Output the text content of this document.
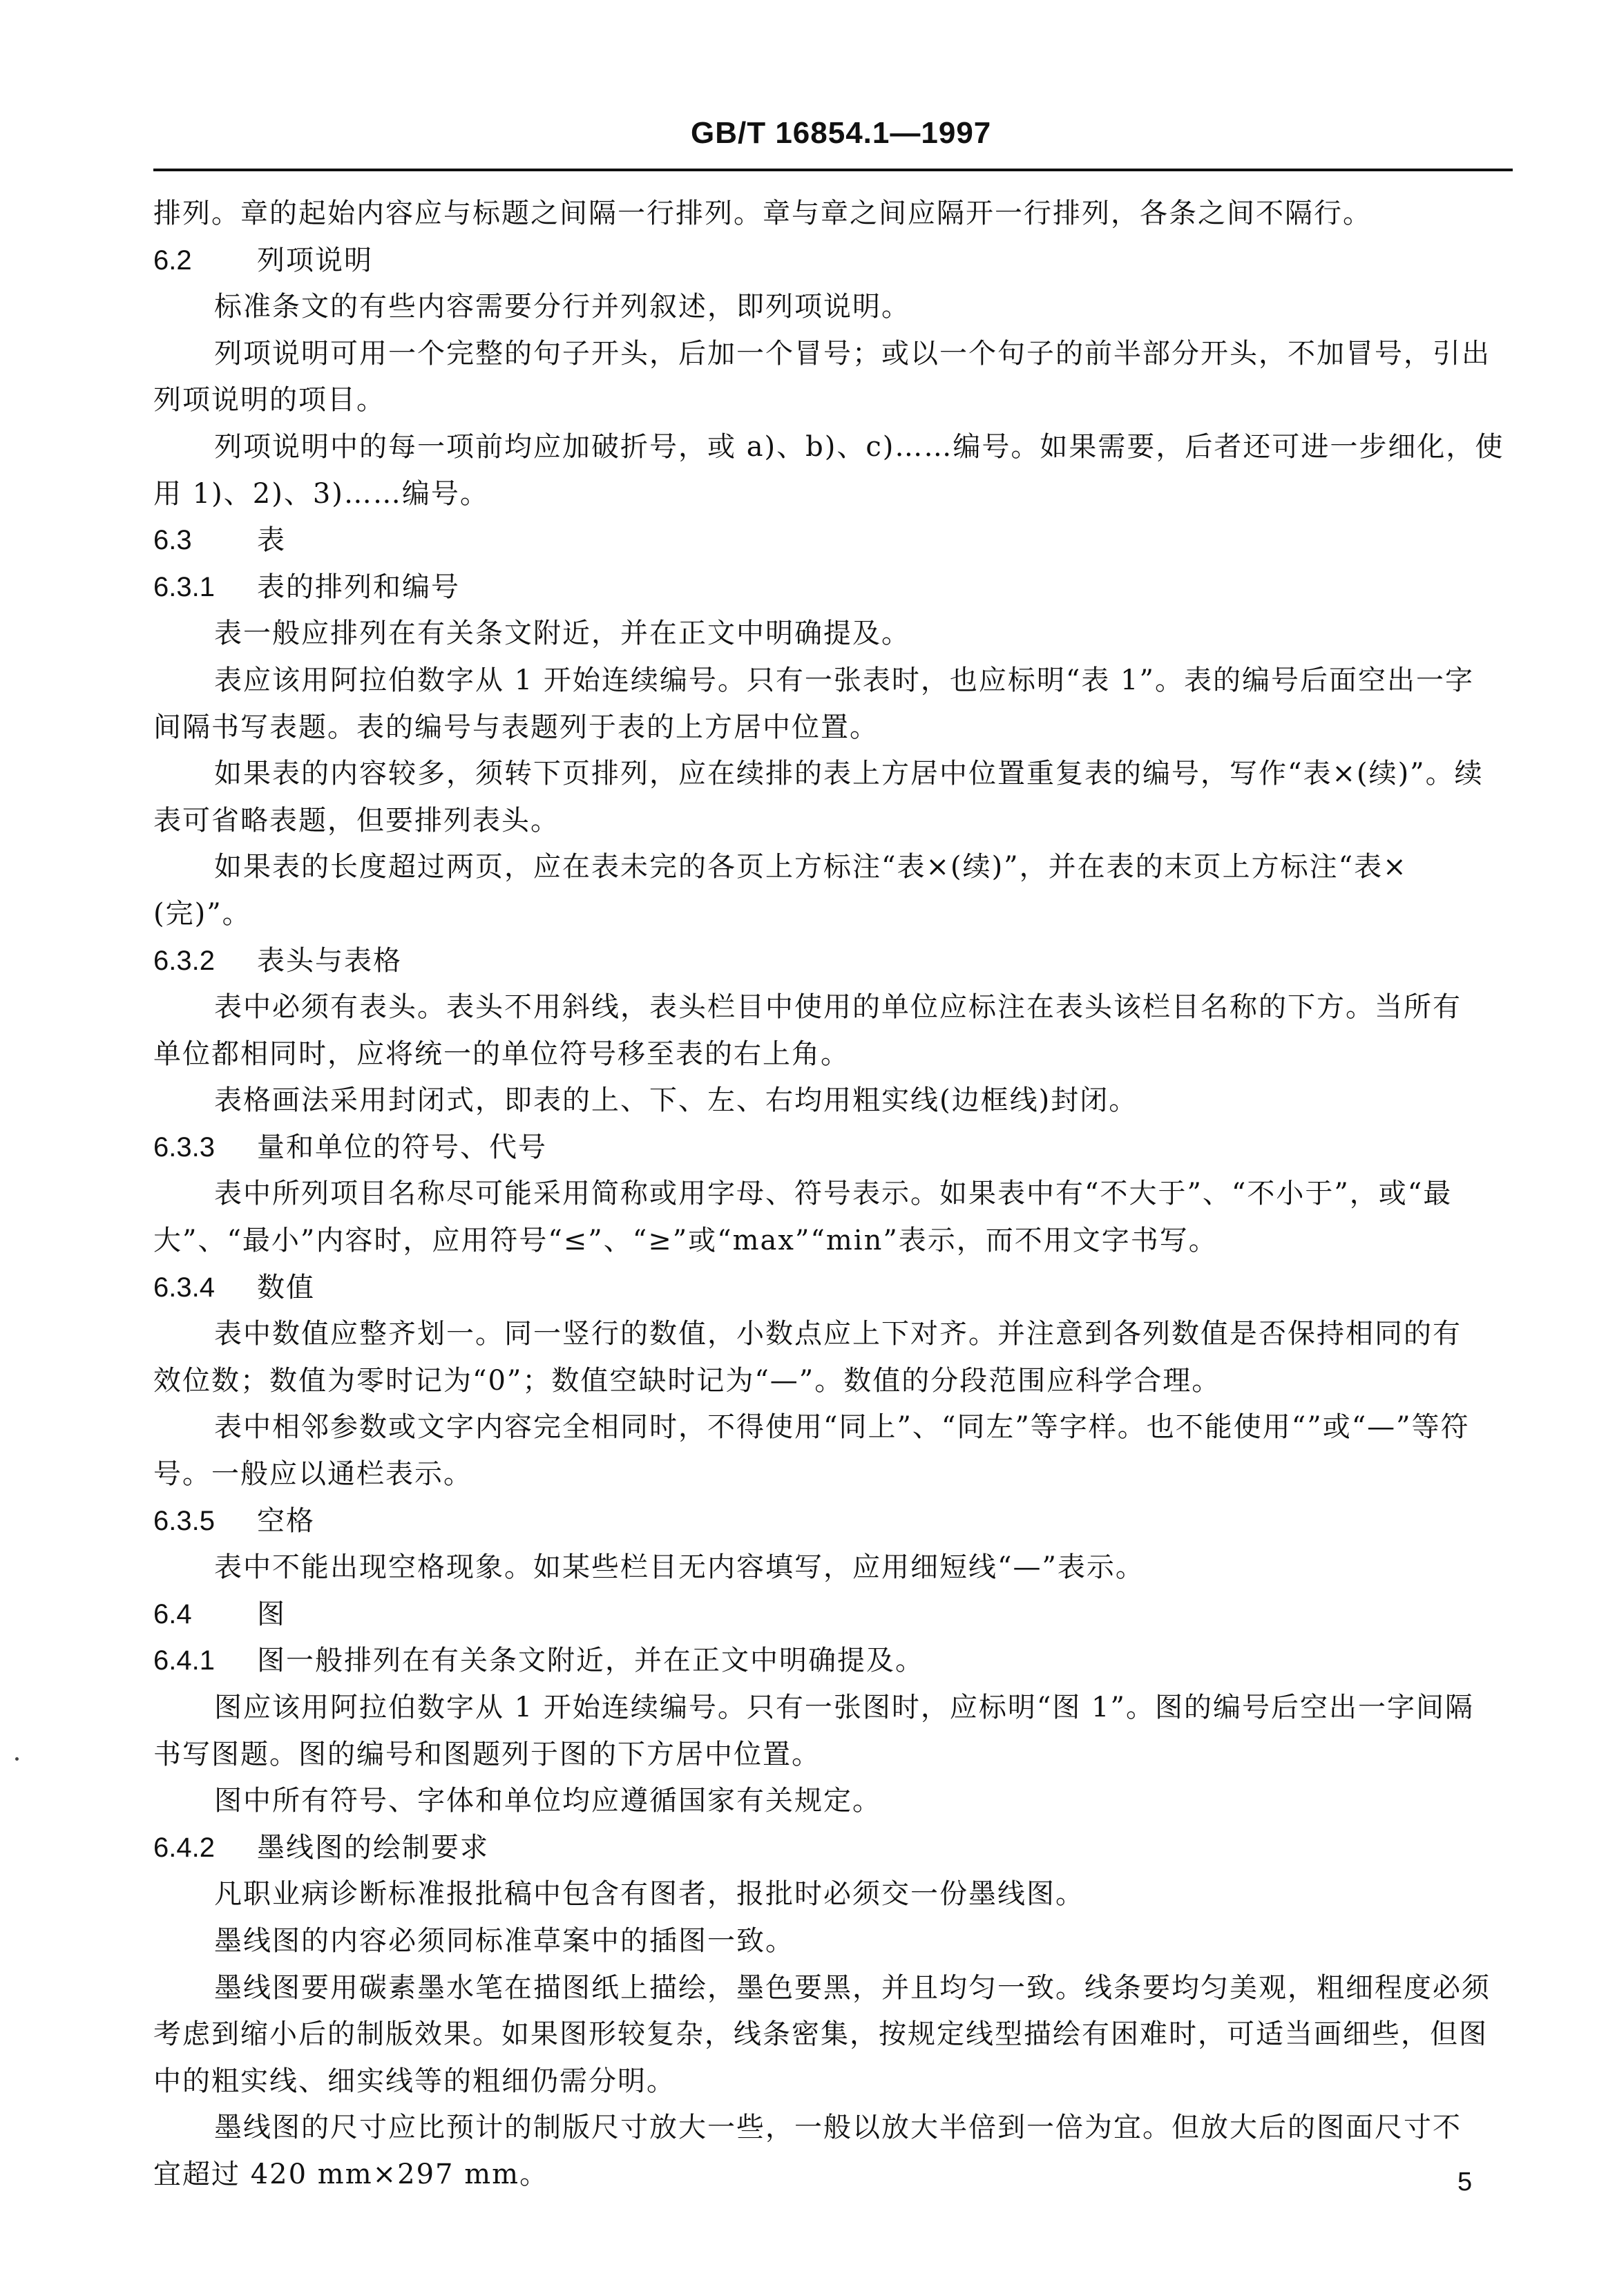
GB/T 16854.1—1997
排列。章的起始内容应与标题之间隔一行排列。章与章之间应隔开一行排列，各条之间不隔行。
6.2 列项说明
标准条文的有些内容需要分行并列叙述，即列项说明。
列项说明可用一个完整的句子开头，后加一个冒号；或以一个句子的前半部分开头，不加冒号，引出
列项说明的项目。
列项说明中的每一项前均应加破折号，或 a)、b)、c)……编号。如果需要，后者还可进一步细化，使
用 1)、2)、3)……编号。
6.3 表
6.3.1 表的排列和编号
表一般应排列在有关条文附近，并在正文中明确提及。
表应该用阿拉伯数字从 1 开始连续编号。只有一张表时，也应标明“表 1”。表的编号后面空出一字
间隔书写表题。表的编号与表题列于表的上方居中位置。
如果表的内容较多，须转下页排列，应在续排的表上方居中位置重复表的编号，写作“表×(续)”。续
表可省略表题，但要排列表头。
如果表的长度超过两页，应在表未完的各页上方标注“表×(续)”，并在表的末页上方标注“表×
(完)”。
6.3.2 表头与表格
表中必须有表头。表头不用斜线，表头栏目中使用的单位应标注在表头该栏目名称的下方。当所有
单位都相同时，应将统一的单位符号移至表的右上角。
表格画法采用封闭式，即表的上、下、左、右均用粗实线(边框线)封闭。
6.3.3 量和单位的符号、代号
表中所列项目名称尽可能采用简称或用字母、符号表示。如果表中有“不大于”、“不小于”，或“最
大”、“最小”内容时，应用符号“≤”、“≥”或“max”“min”表示，而不用文字书写。
6.3.4 数值
表中数值应整齐划一。同一竖行的数值，小数点应上下对齐。并注意到各列数值是否保持相同的有
效位数；数值为零时记为“0”；数值空缺时记为“—”。数值的分段范围应科学合理。
表中相邻参数或文字内容完全相同时，不得使用“同上”、“同左”等字样。也不能使用“”或“—”等符
号。一般应以通栏表示。
6.3.5 空格
表中不能出现空格现象。如某些栏目无内容填写，应用细短线“—”表示。
6.4 图
6.4.1 图一般排列在有关条文附近，并在正文中明确提及。
图应该用阿拉伯数字从 1 开始连续编号。只有一张图时，应标明“图 1”。图的编号后空出一字间隔
书写图题。图的编号和图题列于图的下方居中位置。
图中所有符号、字体和单位均应遵循国家有关规定。
6.4.2 墨线图的绘制要求
凡职业病诊断标准报批稿中包含有图者，报批时必须交一份墨线图。
墨线图的内容必须同标准草案中的插图一致。
墨线图要用碳素墨水笔在描图纸上描绘，墨色要黑，并且均匀一致。线条要均匀美观，粗细程度必须
考虑到缩小后的制版效果。如果图形较复杂，线条密集，按规定线型描绘有困难时，可适当画细些，但图
中的粗实线、细实线等的粗细仍需分明。
墨线图的尺寸应比预计的制版尺寸放大一些，一般以放大半倍到一倍为宜。但放大后的图面尺寸不
宜超过 420 mm×297 mm。	5
